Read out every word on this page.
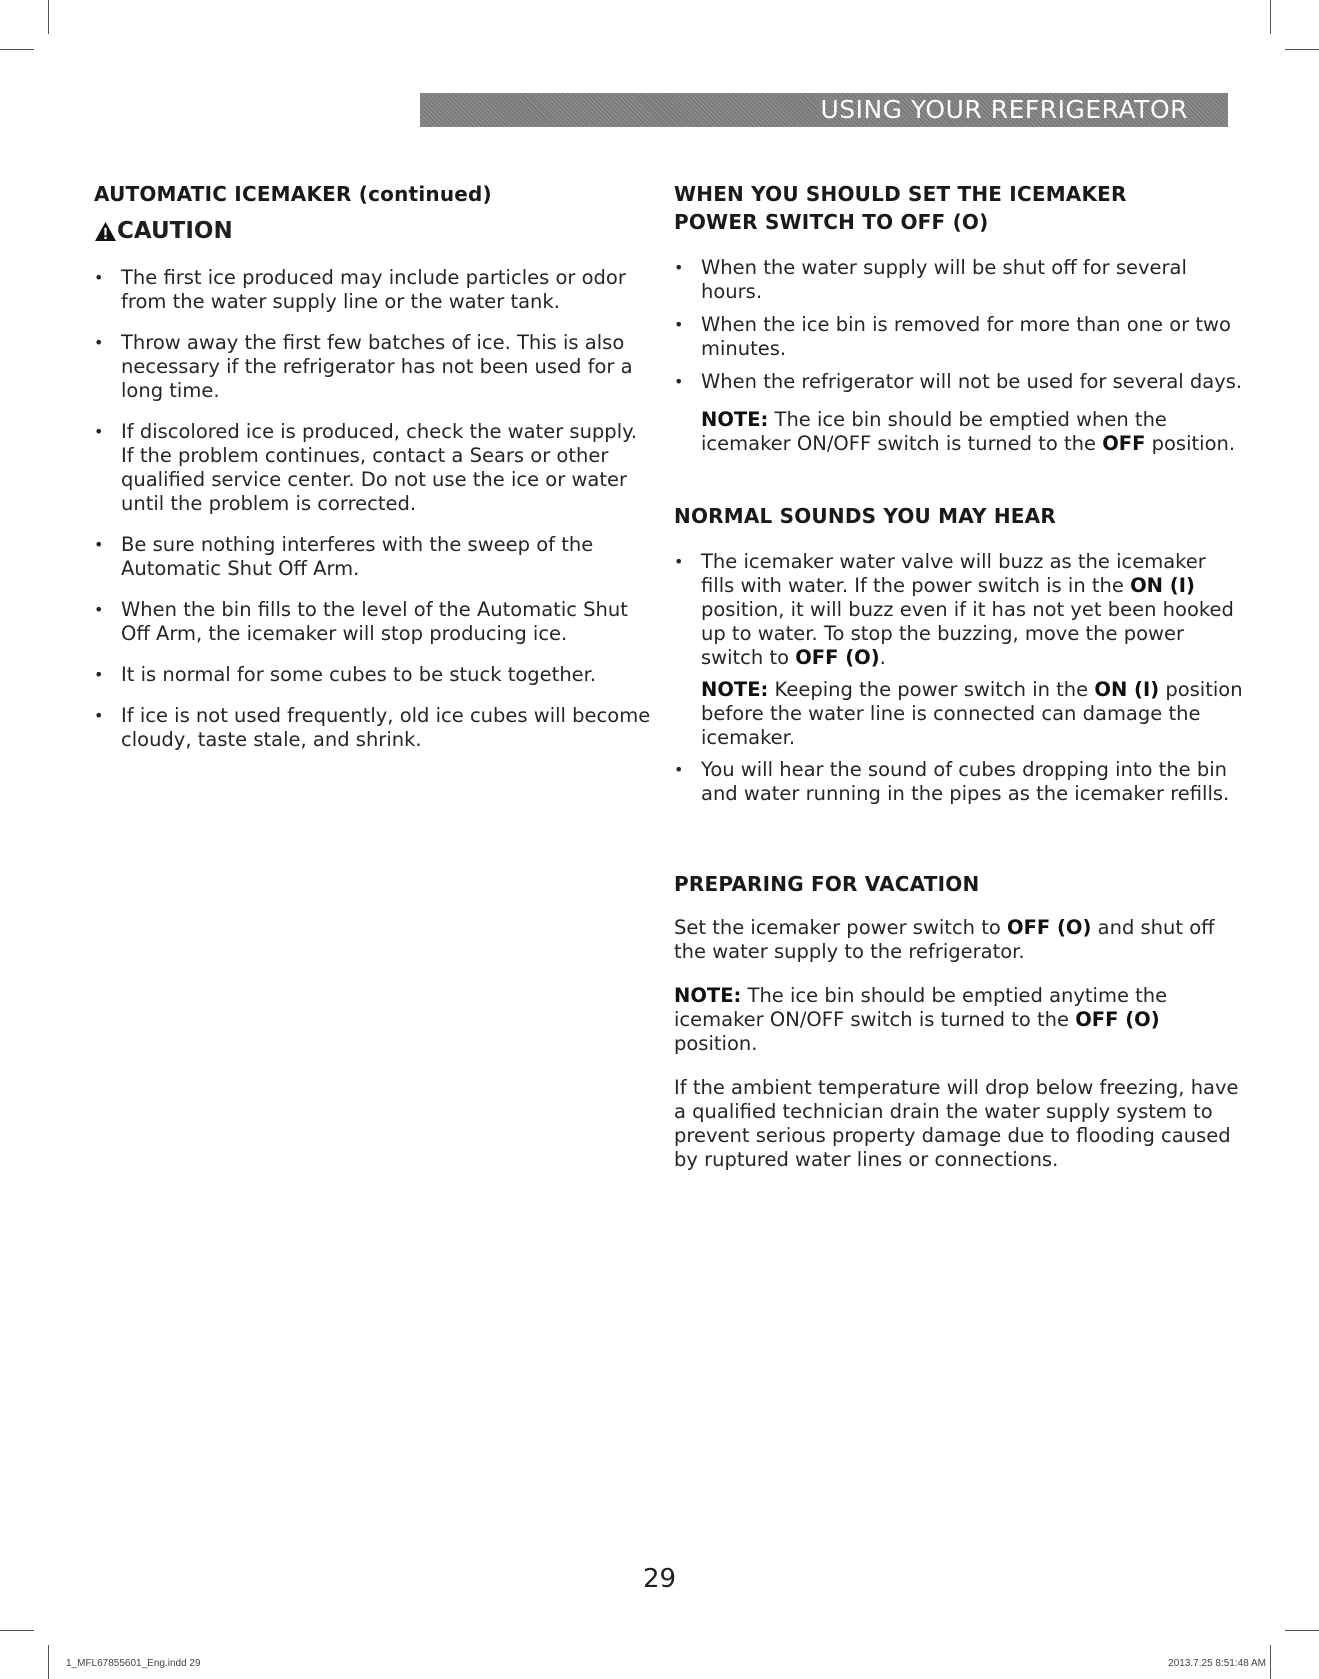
USING YOUR REFRIGERATOR
AUTOMATIC ICEMAKER (continued)
CAUTION
• The first ice produced may include particles or odor from the water supply line or the water tank.
• Throw away the first few batches of ice. This is also necessary if the refrigerator has not been used for a long time.
• If discolored ice is produced, check the water supply. If the problem continues, contact a Sears or other qualified service center. Do not use the ice or water until the problem is corrected.
• Be sure nothing interferes with the sweep of the Automatic Shut Off Arm.
• When the bin fills to the level of the Automatic Shut Off Arm, the icemaker will stop producing ice.
• It is normal for some cubes to be stuck together.
• If ice is not used frequently, old ice cubes will become cloudy, taste stale, and shrink.
WHEN YOU SHOULD SET THE ICEMAKER
POWER SWITCH TO OFF (O)
• When the water supply will be shut off for several hours.
• When the ice bin is removed for more than one or two minutes.
• When the refrigerator will not be used for several days.

NOTE: The ice bin should be emptied when the icemaker ON/OFF switch is turned to the OFF position.

NORMAL SOUNDS YOU MAY HEAR
• The icemaker water valve will buzz as the icemaker fills with water. If the power switch is in the ON (I) position, it will buzz even if it has not yet been hooked up to water. To stop the buzzing, move the power switch to OFF (O).

NOTE: Keeping the power switch in the ON (I) position before the water line is connected can damage the icemaker.

• You will hear the sound of cubes dropping into the bin and water running in the pipes as the icemaker refills.
PREPARING FOR VACATION

Set the icemaker power switch to OFF (O) and shut off the water supply to the refrigerator.

NOTE: The ice bin should be emptied anytime the icemaker ON/OFF switch is turned to the OFF (O) position.

If the ambient temperature will drop below freezing, have a qualified technician drain the water supply system to prevent serious property damage due to flooding caused by ruptured water lines or connections.

29
1_MFL67855601_Eng.indd 29	2013.7.25 8:51:48 AM
